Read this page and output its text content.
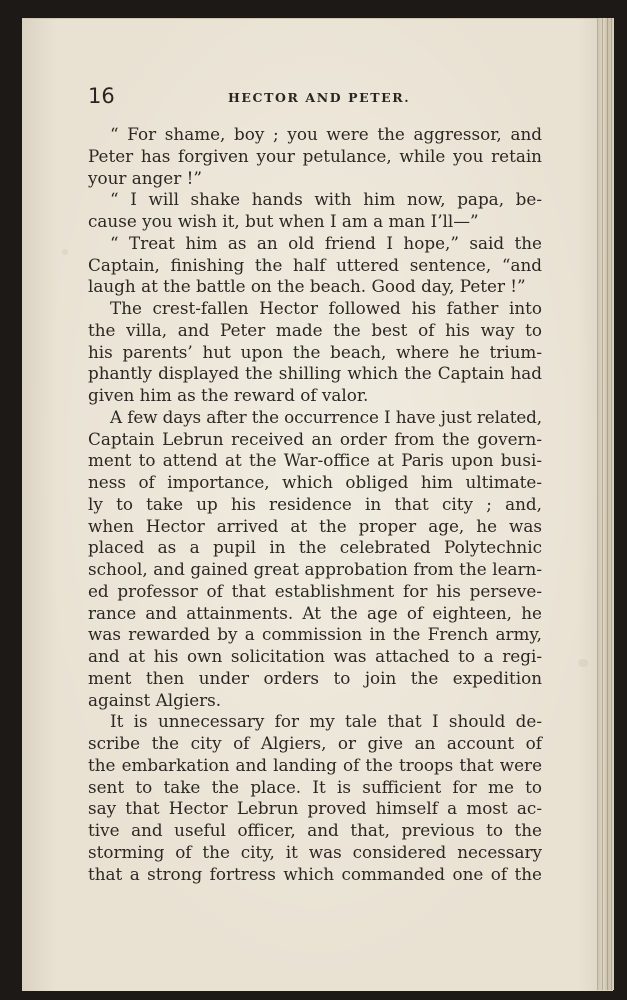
16	HECTOR AND PETER.
“ For shame, boy ; you were the aggressor, and
Peter has forgiven your petulance, while you retain
your anger !”
“ I will shake hands with him now, papa, be-
cause you wish it, but when I am a man I’ll—”
“ Treat him as an old friend I hope,” said the
Captain, finishing the half uttered sentence, “and
laugh at the battle on the beach. Good day, Peter !”
The crest-fallen Hector followed his father into
the villa, and Peter made the best of his way to
his parents’ hut upon the beach, where he trium-
phantly displayed the shilling which the Captain had
given him as the reward of valor.
A few days after the occurrence I have just related,
Captain Lebrun received an order from the govern-
ment to attend at the War-office at Paris upon busi-
ness of importance, which obliged him ultimate-
ly to take up his residence in that city ; and,
when Hector arrived at the proper age, he was
placed as a pupil in the celebrated Polytechnic
school, and gained great approbation from the learn-
ed professor of that establishment for his perseve-
rance and attainments. At the age of eighteen, he
was rewarded by a commission in the French army,
and at his own solicitation was attached to a regi-
ment then under orders to join the expedition
against Algiers.
It is unnecessary for my tale that I should de-
scribe the city of Algiers, or give an account of
the embarkation and landing of the troops that were
sent to take the place. It is sufficient for me to
say that Hector Lebrun proved himself a most ac-
tive and useful officer, and that, previous to the
storming of the city, it was considered necessary
that a strong fortress which commanded one of the
